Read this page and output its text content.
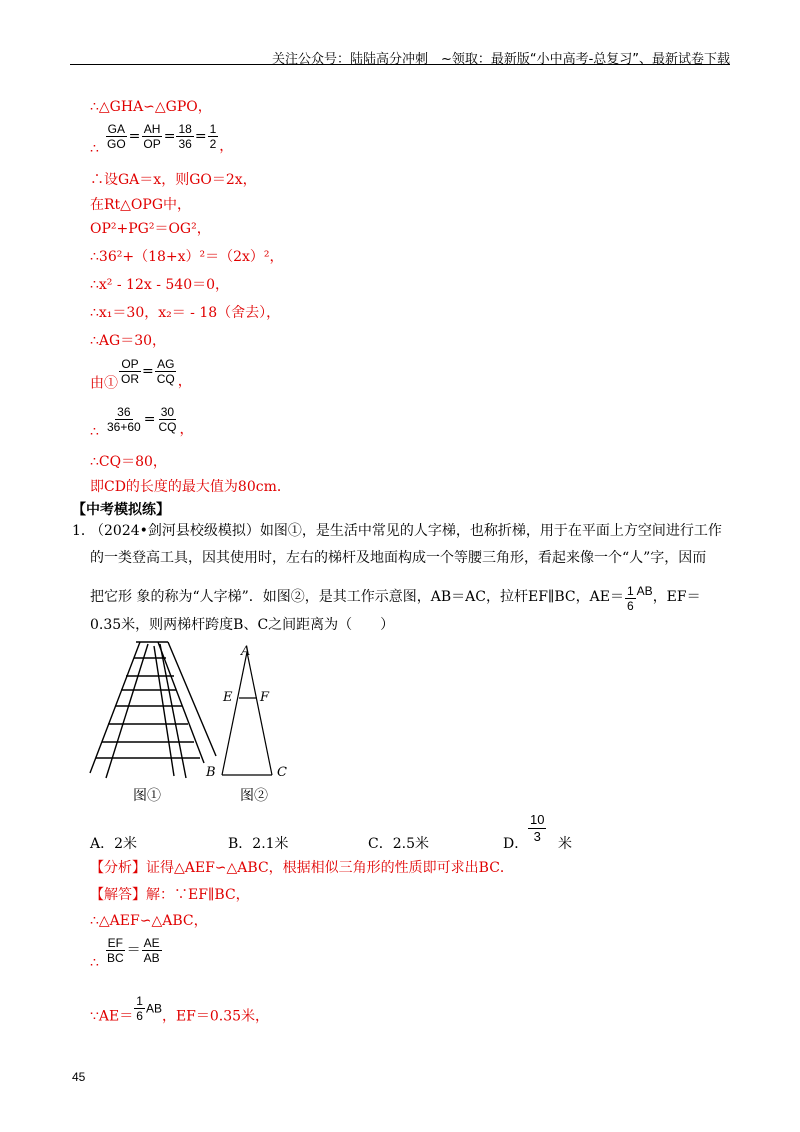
关注公众号：陆陆高分冲刺　~领取：最新版“小中高考-总复习”、最新试卷下载
∴△GHA∽△GPO，
∴ $\frac{GA}{GO} = \frac{AH}{OP} = \frac{18}{36} = \frac{1}{2}$ ，
∴设GA＝x，则GO＝2x，
在Rt△OPG中，
OP²+PG²＝OG²，
∴36²+（18+x）²＝（2x）²，
∴x² - 12x - 540＝0，
∴x₁＝30，x₂＝ - 18（舍去），
∴AG＝30，
由① $\frac{OP}{OR} = \frac{AG}{CQ}$ ，
∴ $\frac{36}{36+60} = \frac{30}{CQ}$ ，
∴CQ＝80，
即CD的长度的最大值为80cm．
【中考模拟练】
1．
（2024•剑河县校级模拟）如图①，是生活中常见的人字梯，也称折梯，用于在平面上方空间进行工作
的一类登高工具，因其使用时，左右的梯杆及地面构成一个等腰三角形，看起来像一个“人”字，因而
把它形 象的称为“人字梯”．如图②，是其工作示意图，AB＝AC，拉杆EF∥BC，$AE= \frac{1}{6}$ AB，EF＝
0.35米，则两梯杆跨度B、C之间距离为（　　）
图①
A
E F
B	C
图②
A．2米	B．2.1米	C．2.5米	D． $\frac{10}{3}$ 米
【分析】证得△AEF∽△ABC，根据相似三角形的性质即可求出BC．
【解答】解：∵EF∥BC，
∴△AEF∽△ABC，
∴ $\frac{EF}{BC} = \frac{AE}{AB}$
∵AE＝ $\frac{1}{6}$ AB，EF＝0.35米，
45
